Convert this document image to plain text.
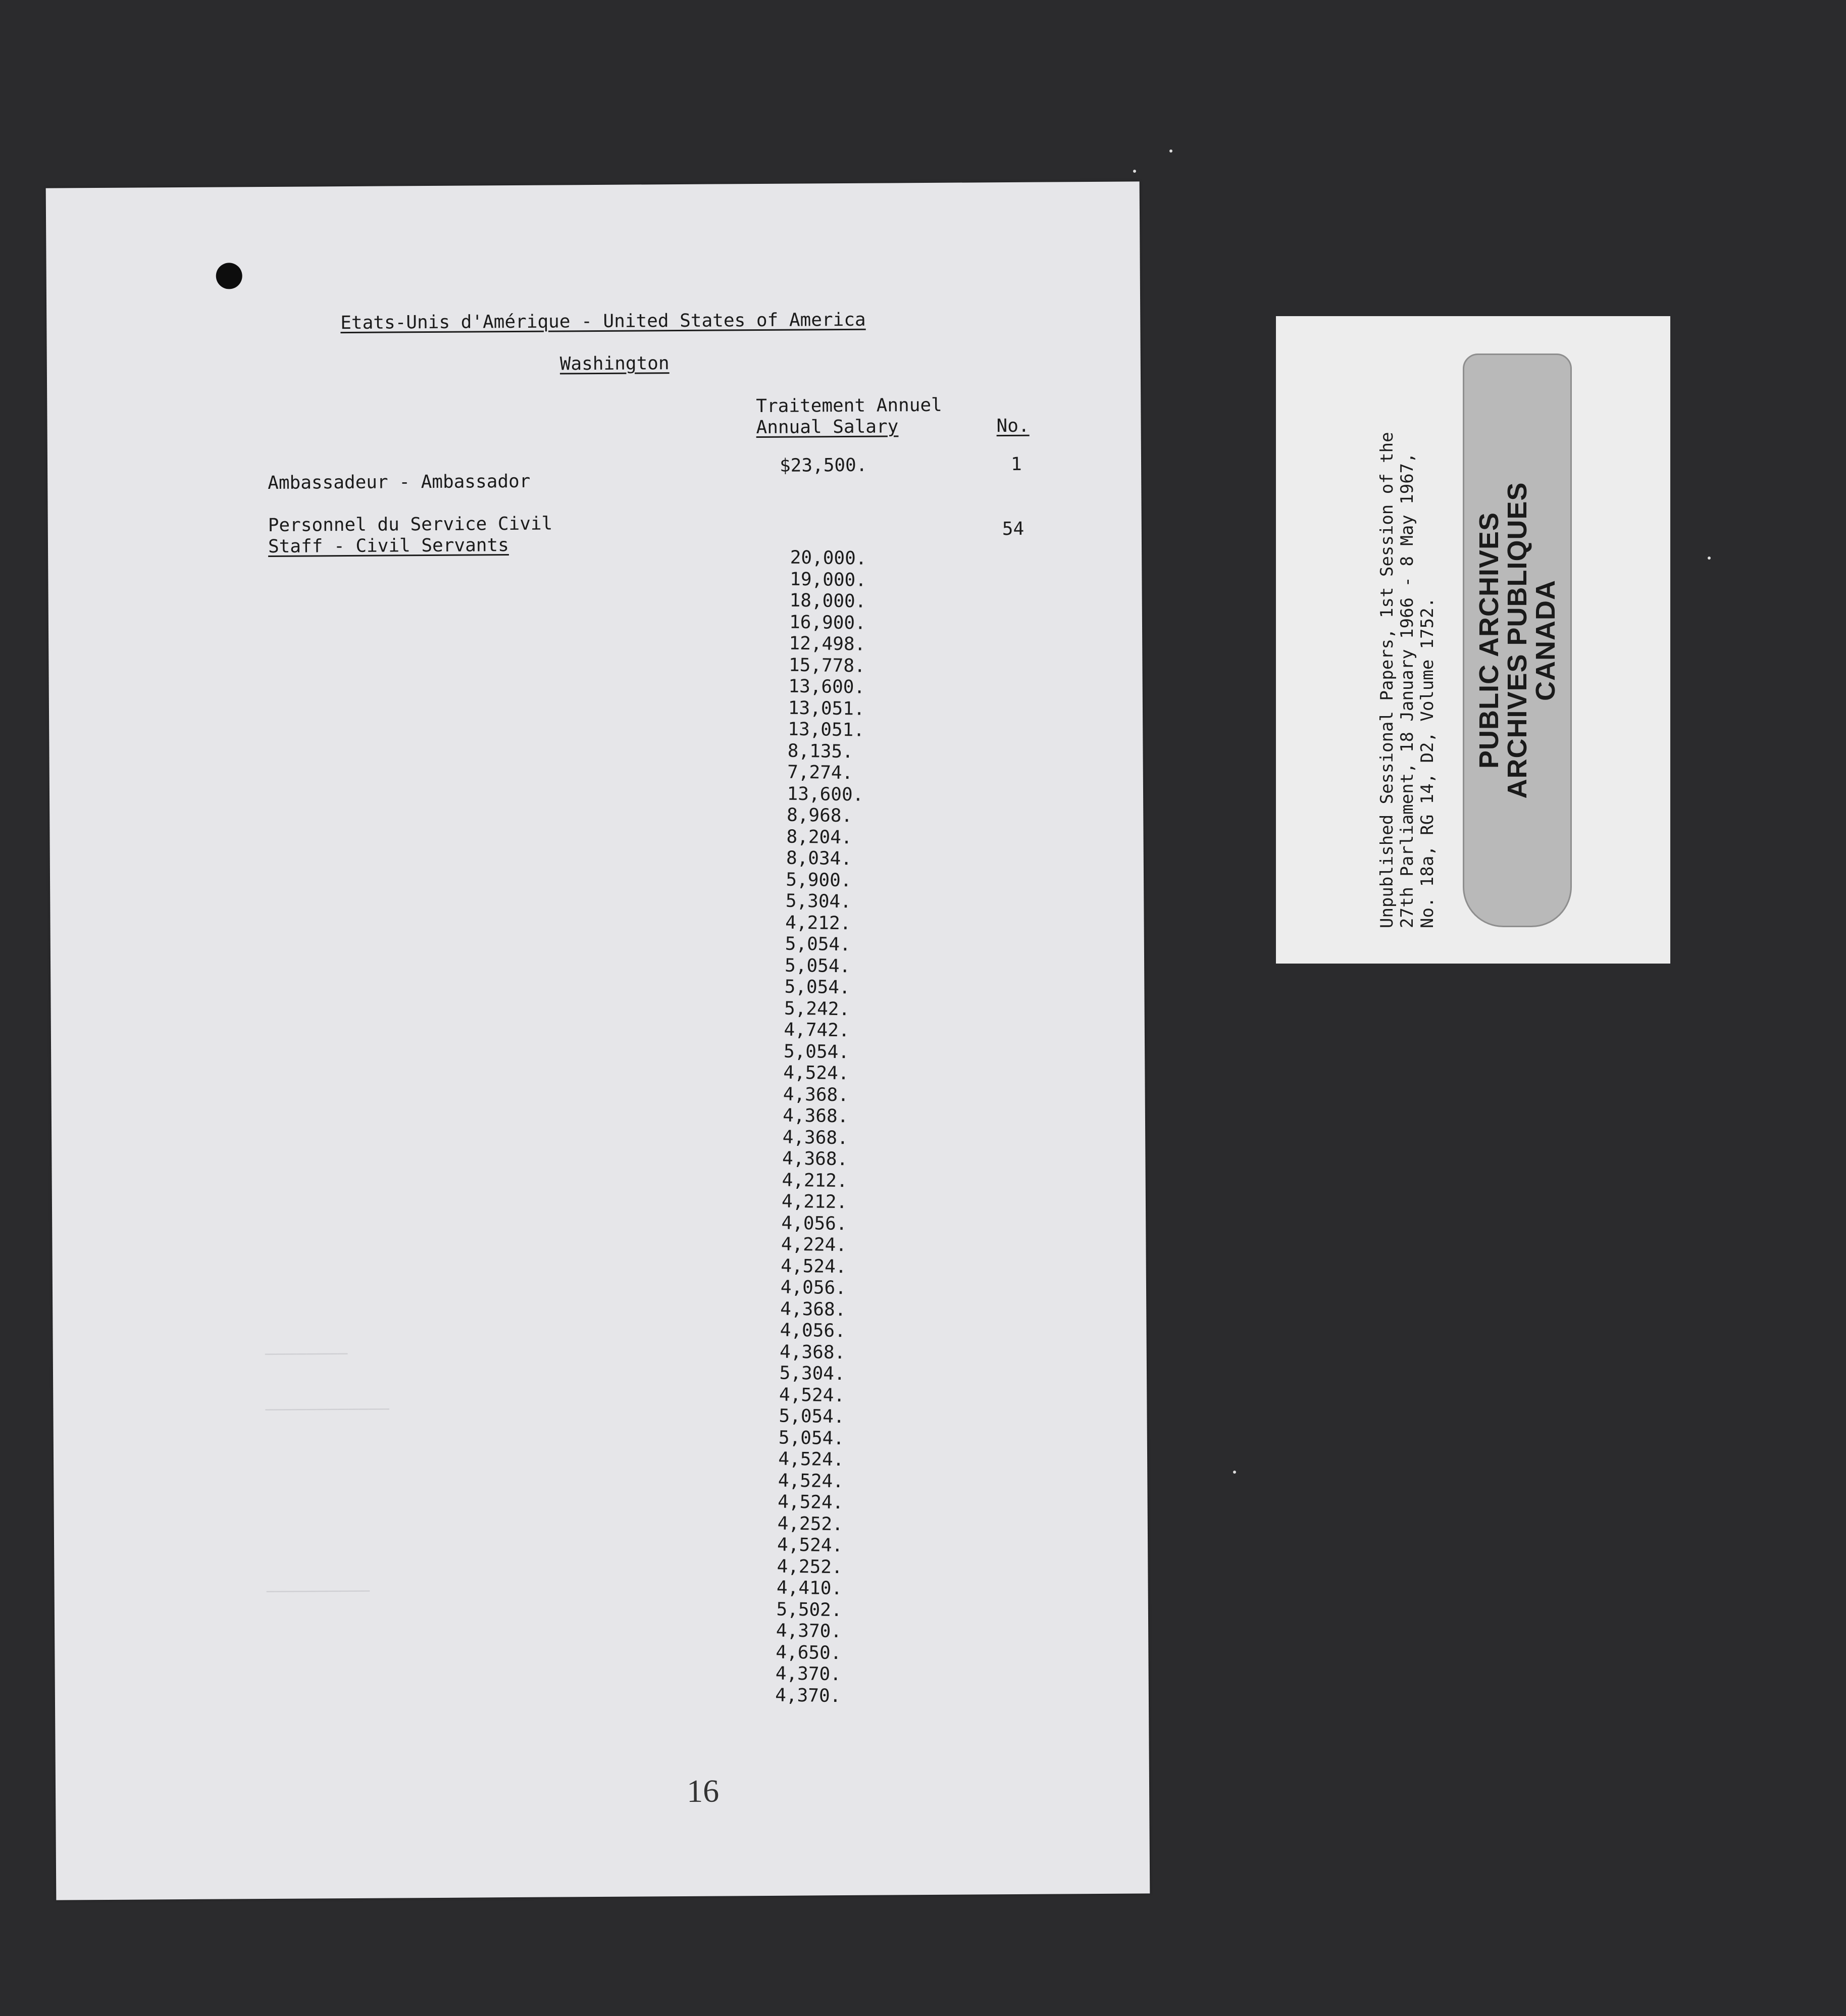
————————
————————————
——————————
Etats-Unis d'Amérique - United States of America
Washington
Traitement Annuel
Annual Salary	No.
Ambassadeur - Ambassador
$23,500.	1
Personnel du Service Civil
Staff - Civil Servants
54
20,000.
19,000.
18,000.
16,900.
12,498.
15,778.
13,600.
13,051.
13,051.
8,135.
7,274.
13,600.
8,968.
8,204.
8,034.
5,900.
5,304.
4,212.
5,054.
5,054.
5,054.
5,242.
4,742.
5,054.
4,524.
4,368.
4,368.
4,368.
4,368.
4,212.
4,212.
4,056.
4,224.
4,524.
4,056.
4,368.
4,056.
4,368.
5,304.
4,524.
5,054.
5,054.
4,524.
4,524.
4,524.
4,252.
4,524.
4,252.
4,410.
5,502.
4,370.
4,650.
4,370.
4,370.
16
Unpublished Sessional Papers, 1st Session of the 27th Parliament, 18 January 1966 - 8 May 1967, No. 18a, RG 14, D2, Volume 1752. PUBLIC ARCHIVES
ARCHIVES PUBLIQUES
CANADA
